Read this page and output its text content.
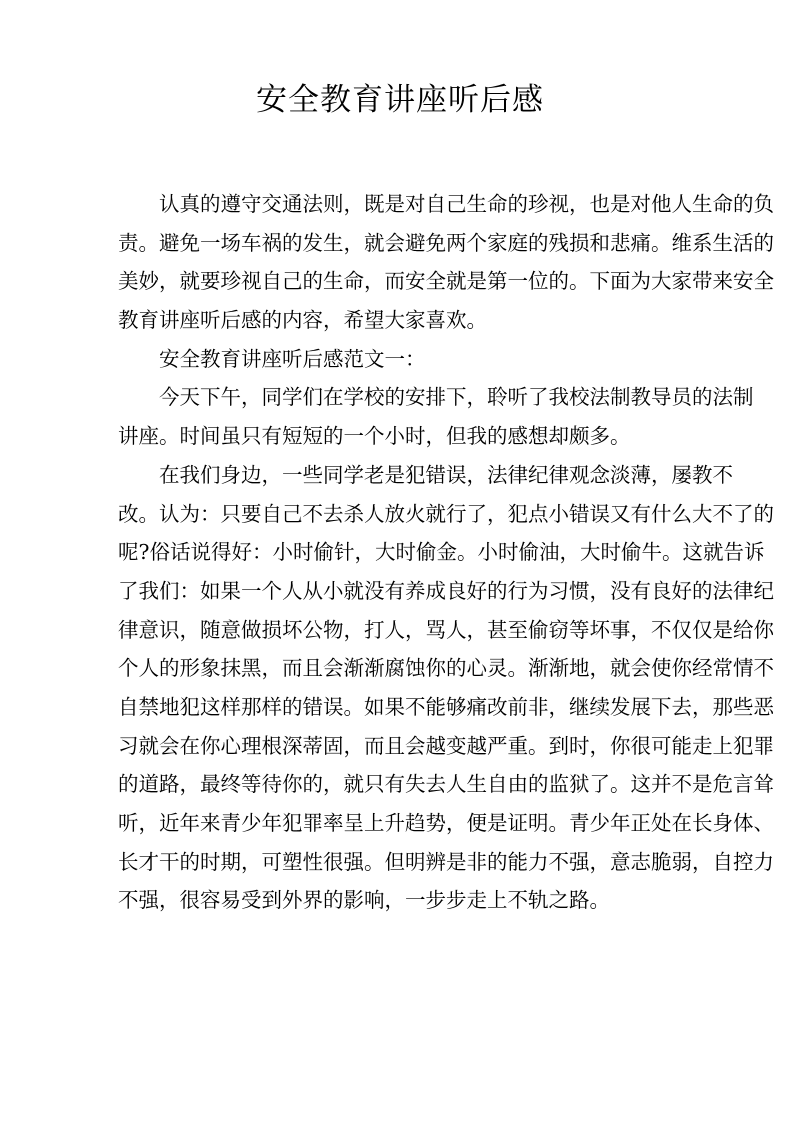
安全教育讲座听后感
认真的遵守交通法则，既是对自己生命的珍视，也是对他人生命的负
责。避免一场车祸的发生，就会避免两个家庭的残损和悲痛。维系生活的
美妙，就要珍视自己的生命，而安全就是第一位的。下面为大家带来安全
教育讲座听后感的内容，希望大家喜欢。
安全教育讲座听后感范文一：
今天下午，同学们在学校的安排下，聆听了我校法制教导员的法制
讲座。时间虽只有短短的一个小时，但我的感想却颇多。
在我们身边，一些同学老是犯错误，法律纪律观念淡薄，屡教不
改。认为：只要自己不去杀人放火就行了，犯点小错误又有什么大不了的
呢?俗话说得好：小时偷针，大时偷金。小时偷油，大时偷牛。这就告诉
了我们：如果一个人从小就没有养成良好的行为习惯，没有良好的法律纪
律意识，随意做损坏公物，打人，骂人，甚至偷窃等坏事，不仅仅是给你
个人的形象抹黑，而且会渐渐腐蚀你的心灵。渐渐地，就会使你经常情不
自禁地犯这样那样的错误。如果不能够痛改前非，继续发展下去，那些恶
习就会在你心理根深蒂固，而且会越变越严重。到时，你很可能走上犯罪
的道路，最终等待你的，就只有失去人生自由的监狱了。这并不是危言耸
听，近年来青少年犯罪率呈上升趋势，便是证明。青少年正处在长身体、
长才干的时期，可塑性很强。但明辨是非的能力不强，意志脆弱，自控力
不强，很容易受到外界的影响，一步步走上不轨之路。
